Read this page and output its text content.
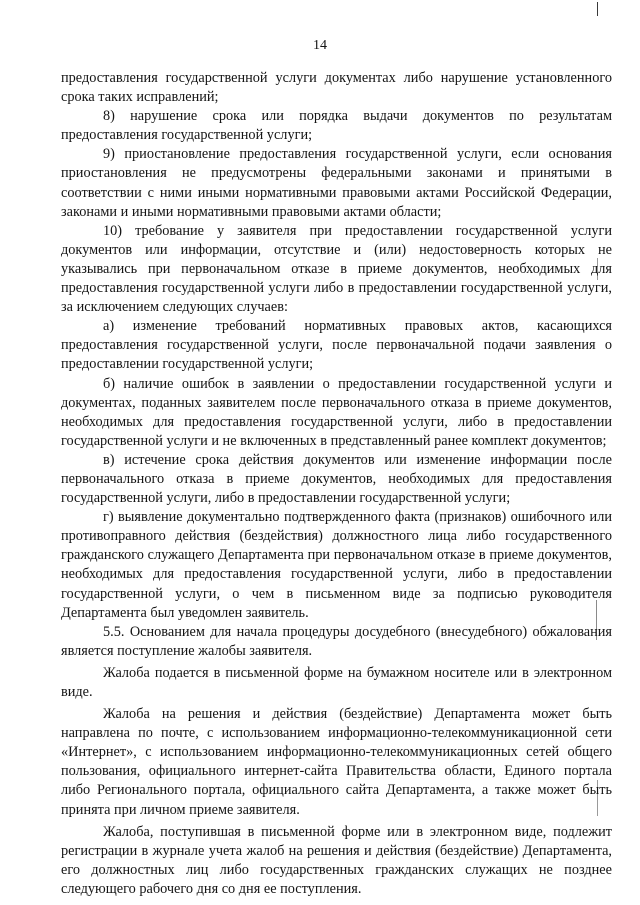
14

предоставления государственной услуги документах либо нарушение установленного срока таких исправлений;

8) нарушение срока или порядка выдачи документов по результатам предоставления государственной услуги;

9) приостановление предоставления государственной услуги, если основания приостановления не предусмотрены федеральными законами и принятыми в соответствии с ними иными нормативными правовыми актами Российской Федерации, законами и иными нормативными правовыми актами области;

10) требование у заявителя при предоставлении государственной услуги документов или информации, отсутствие и (или) недостоверность которых не указывались при первоначальном отказе в приеме документов, необходимых для предоставления государственной услуги либо в предоставлении государственной услуги, за исключением следующих случаев:

а) изменение требований нормативных правовых актов, касающихся предоставления государственной услуги, после первоначальной подачи заявления о предоставлении государственной услуги;

б) наличие ошибок в заявлении о предоставлении государственной услуги и документах, поданных заявителем после первоначального отказа в приеме документов, необходимых для предоставления государственной услуги, либо в предоставлении государственной услуги и не включенных в представленный ранее комплект документов;

в) истечение срока действия документов или изменение информации после первоначального отказа в приеме документов, необходимых для предоставления государственной услуги, либо в предоставлении государственной услуги;

г) выявление документально подтвержденного факта (признаков) ошибочного или противоправного действия (бездействия) должностного лица либо государственного гражданского служащего Департамента при первоначальном отказе в приеме документов, необходимых для предоставления государственной услуги, либо в предоставлении государственной услуги, о чем в письменном виде за подписью руководителя Департамента был уведомлен заявитель.

5.5. Основанием для начала процедуры досудебного (внесудебного) обжалования является поступление жалобы заявителя.

Жалоба подается в письменной форме на бумажном носителе или в электронном виде.

Жалоба на решения и действия (бездействие) Департамента может быть направлена по почте, с использованием информационно-телекоммуникационной сети «Интернет», с использованием информационно-телекоммуникационных сетей общего пользования, официального интернет-сайта Правительства области, Единого портала либо Регионального портала, официального сайта Департамента, а также может быть принята при личном приеме заявителя.

Жалоба, поступившая в письменной форме или в электронном виде, подлежит регистрации в журнале учета жалоб на решения и действия (бездействие) Департамента, его должностных лиц либо государственных гражданских служащих не позднее следующего рабочего дня со дня ее поступления.
